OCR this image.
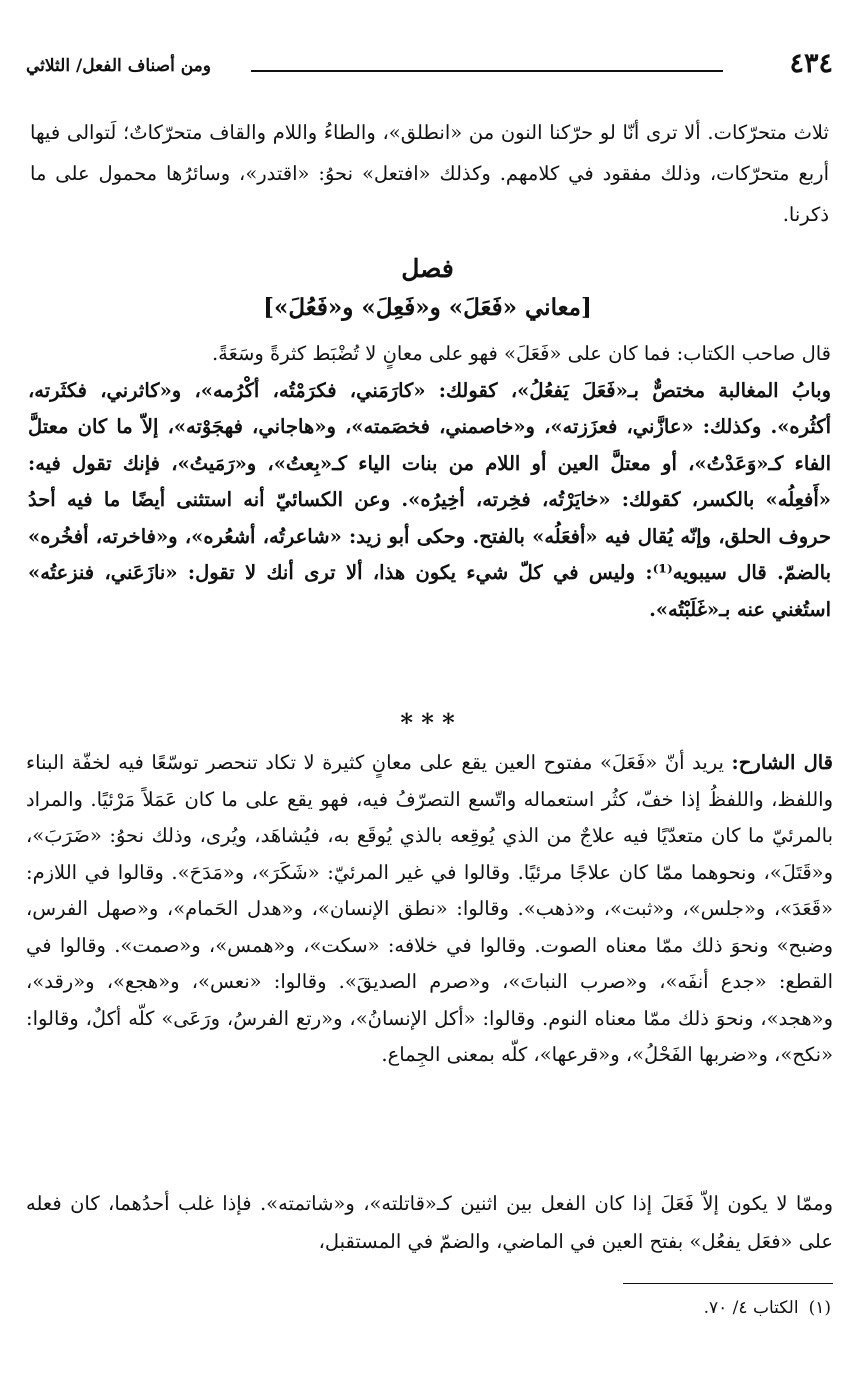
٤٣٤
ومن أصناف الفعل/ الثلاثي

ثلاث متحرّكات. ألا ترى أنّا لو حرّكنا النون من «انطلق»، والطاءُ واللام والقاف متحرّكاتٌ؛ لَتوالى فيها أربع متحرّكات، وذلك مفقود في كلامهم. وكذلك «افتعل» نحوُ: «اقتدر»، وسائرُها محمول على ما ذكرنا.

فصل
[معاني «فَعَلَ» و«فَعِلَ» و«فَعُلَ»]

قال صاحب الكتاب: فما كان على «فَعَلَ» فهو على معانٍ لا تُضْبَط كثرةً وسَعَةً.

وبابُ المغالبة مختصٌّ بـ«فَعَلَ يَفعُلُ»، كقولك: «كارَمَني، فكرَمْتُه، أكْرُمه»، و«كاثرني، فكثَرته، أكثُره». وكذلك: «عازَّني، فعزَزته»، و«خاصمني، فخصَمته»، و«هاجاني، فهجَوْته»، إلاّ ما كان معتلَّ الفاء كـ«وَعَدْتُ»، أو معتلَّ العين أو اللام من بنات الياء كـ«بِعتُ»، و«رَمَيتُ»، فإنك تقول فيه: «أَفعِلُه» بالكسر، كقولك: «خايَرْتُه، فخِرته، أخِيرُه». وعن الكسائيّ أنه استثنى أيضًا ما فيه أحدُ حروف الحلق، وإنّه يُقال فيه «أفعَلُه» بالفتح. وحكى أبو زيد: «شاعرتُه، أشعُره»، و«فاخرته، أفخُره» بالضمّ. قال سيبويه⁽¹⁾: وليس في كلّ شيء يكون هذا، ألا ترى أنك لا تقول: «نازَعَني، فنزعتُه» استُغني عنه بـ«غَلَبْتُه».

* * *

قال الشارح: يريد أنّ «فَعَلَ» مفتوح العين يقع على معانٍ كثيرة لا تكاد تنحصر توسّعًا فيه لخفّة البناء واللفظ، واللفظُ إذا خفّ، كثُر استعماله واتّسع التصرّفُ فيه، فهو يقع على ما كان عَمَلاً مَرْئيًا. والمراد بالمرئيّ ما كان متعدّيًا فيه علاجٌ من الذي يُوقِعه بالذي يُوقَع به، فيُشاهَد، ويُرى، وذلك نحوُ: «ضَرَبَ»، و«قَتَلَ»، ونحوهما ممّا كان علاجًا مرئيًا. وقالوا في غير المرئيّ: «شَكَرَ»، و«مَدَحَ». وقالوا في اللازم: «قَعَدَ»، و«جلس»، و«ثبت»، و«ذهب». وقالوا: «نطق الإنسان»، و«هدل الحَمام»، و«صهل الفرس، وضبح» ونحوَ ذلك ممّا معناه الصوت. وقالوا في خلافه: «سكت»، و«همس»، و«صمت». وقالوا في القطع: «جدع أنفَه»، و«صرب النباتَ»، و«صرم الصديقَ». وقالوا: «نعس»، و«هجع»، و«رقد»، و«هجد»، ونحوَ ذلك ممّا معناه النوم. وقالوا: «أكل الإنسانُ»، و«رتع الفرسُ، ورَعَى» كلّه أكلٌ، وقالوا: «نكح»، و«ضربها الفَحْلُ»، و«قرعها»، كلّه بمعنى الجِماع.

وممّا لا يكون إلاّ فَعَلَ إذا كان الفعل بين اثنين كـ«قاتلته»، و«شاتمته». فإذا غلب أحدُهما، كان فعله على «فعَل يفعُل» بفتح العين في الماضي، والضمّ في المستقبل،

(١)الكتاب ٤/ ٧٠.
